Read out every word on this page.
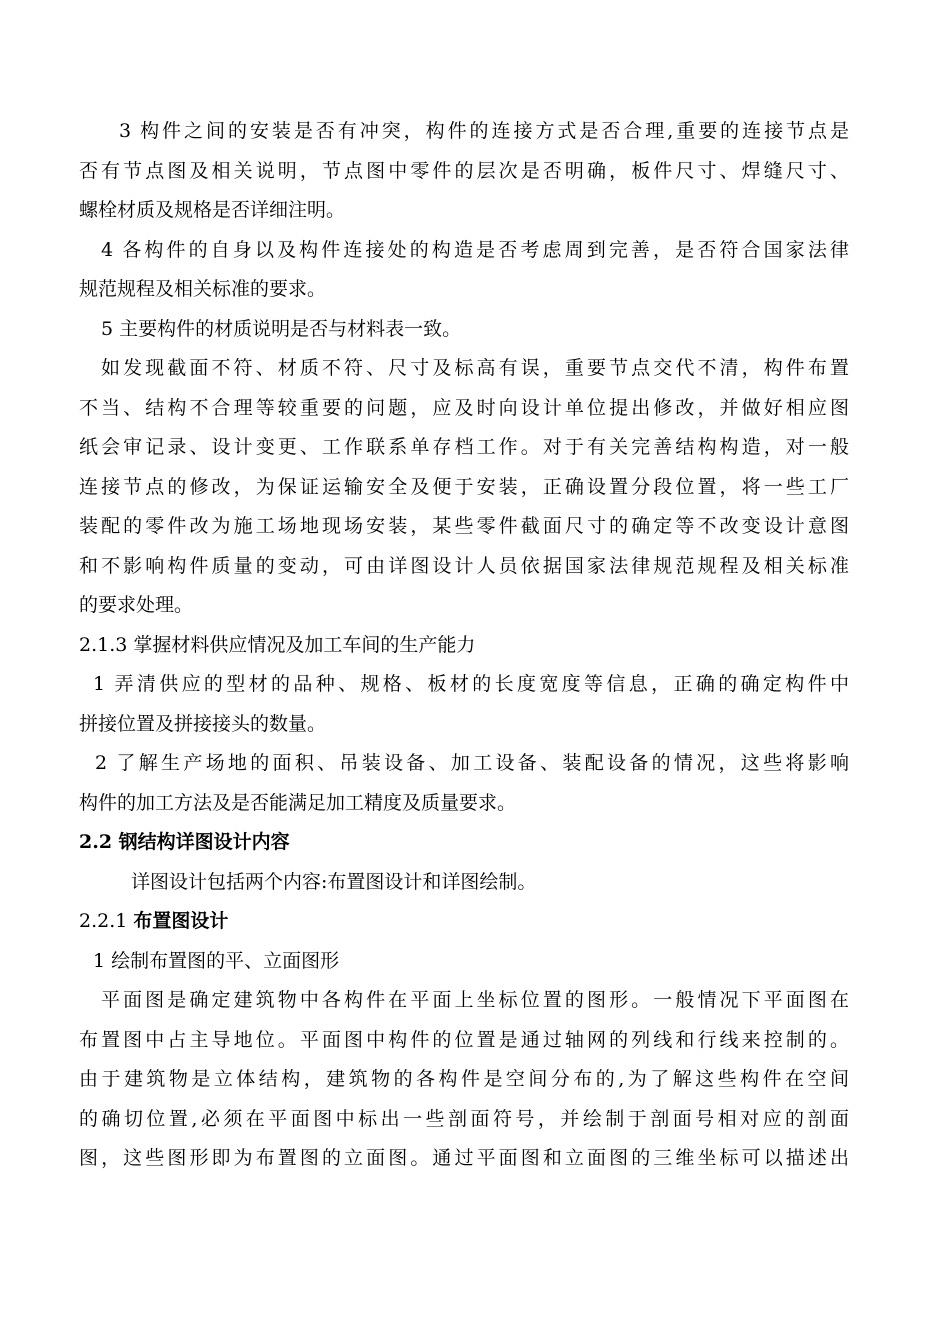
3 构件之间的安装是否有冲突，构件的连接方式是否合理,重要的连接节点是
否有节点图及相关说明，节点图中零件的层次是否明确，板件尺寸、焊缝尺寸、
螺栓材质及规格是否详细注明。
4 各构件的自身以及构件连接处的构造是否考虑周到完善，是否符合国家法律
规范规程及相关标准的要求。
5 主要构件的材质说明是否与材料表一致。
如发现截面不符、材质不符、尺寸及标高有误，重要节点交代不清，构件布置
不当、结构不合理等较重要的问题，应及时向设计单位提出修改，并做好相应图
纸会审记录、设计变更、工作联系单存档工作。对于有关完善结构构造，对一般
连接节点的修改，为保证运输安全及便于安装，正确设置分段位置，将一些工厂
装配的零件改为施工场地现场安装，某些零件截面尺寸的确定等不改变设计意图
和不影响构件质量的变动，可由详图设计人员依据国家法律规范规程及相关标准
的要求处理。
2.1.3 掌握材料供应情况及加工车间的生产能力
1 弄清供应的型材的品种、规格、板材的长度宽度等信息，正确的确定构件中
拼接位置及拼接接头的数量。
2 了解生产场地的面积、吊装设备、加工设备、装配设备的情况，这些将影响
构件的加工方法及是否能满足加工精度及质量要求。
2.2 钢结构详图设计内容
详图设计包括两个内容:布置图设计和详图绘制。
2.2.1 布置图设计
1 绘制布置图的平、立面图形
平面图是确定建筑物中各构件在平面上坐标位置的图形。一般情况下平面图在
布置图中占主导地位。平面图中构件的位置是通过轴网的列线和行线来控制的。
由于建筑物是立体结构，建筑物的各构件是空间分布的,为了解这些构件在空间
的确切位置,必须在平面图中标出一些剖面符号，并绘制于剖面号相对应的剖面
图，这些图形即为布置图的立面图。通过平面图和立面图的三维坐标可以描述出
